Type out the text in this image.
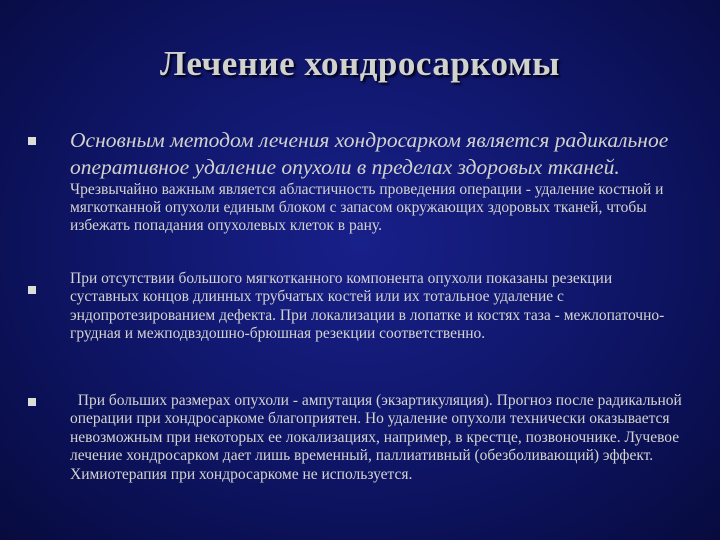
Лечение хондросаркомы

Основным методом лечения хондросарком является радикальное оперативное удаление опухоли в пределах здоровых тканей.
Чрезвычайно важным является абластичность проведения операции - удаление костной и мягкотканной опухоли единым блоком с запасом окружающих здоровых тканей, чтобы избежать попадания опухолевых клеток в рану.

При отсутствии большого мягкотканного компонента опухоли показаны резекции суставных концов длинных трубчатых костей или их тотальное удаление с эндопротезированием дефекта. При локализации в лопатке и костях таза - межлопаточно-грудная и межподвздошно-брюшная резекции соответственно.

При больших размерах опухоли - ампутация (экзартикуляция). Прогноз после радикальной операции при хондросаркоме благоприятен. Но удаление опухоли технически оказывается невозможным при некоторых ее локализациях, например, в крестце, позвоночнике. Лучевое лечение хондросарком дает лишь временный, паллиативный (обезболивающий) эффект. Химиотерапия при хондросаркоме не используется.
